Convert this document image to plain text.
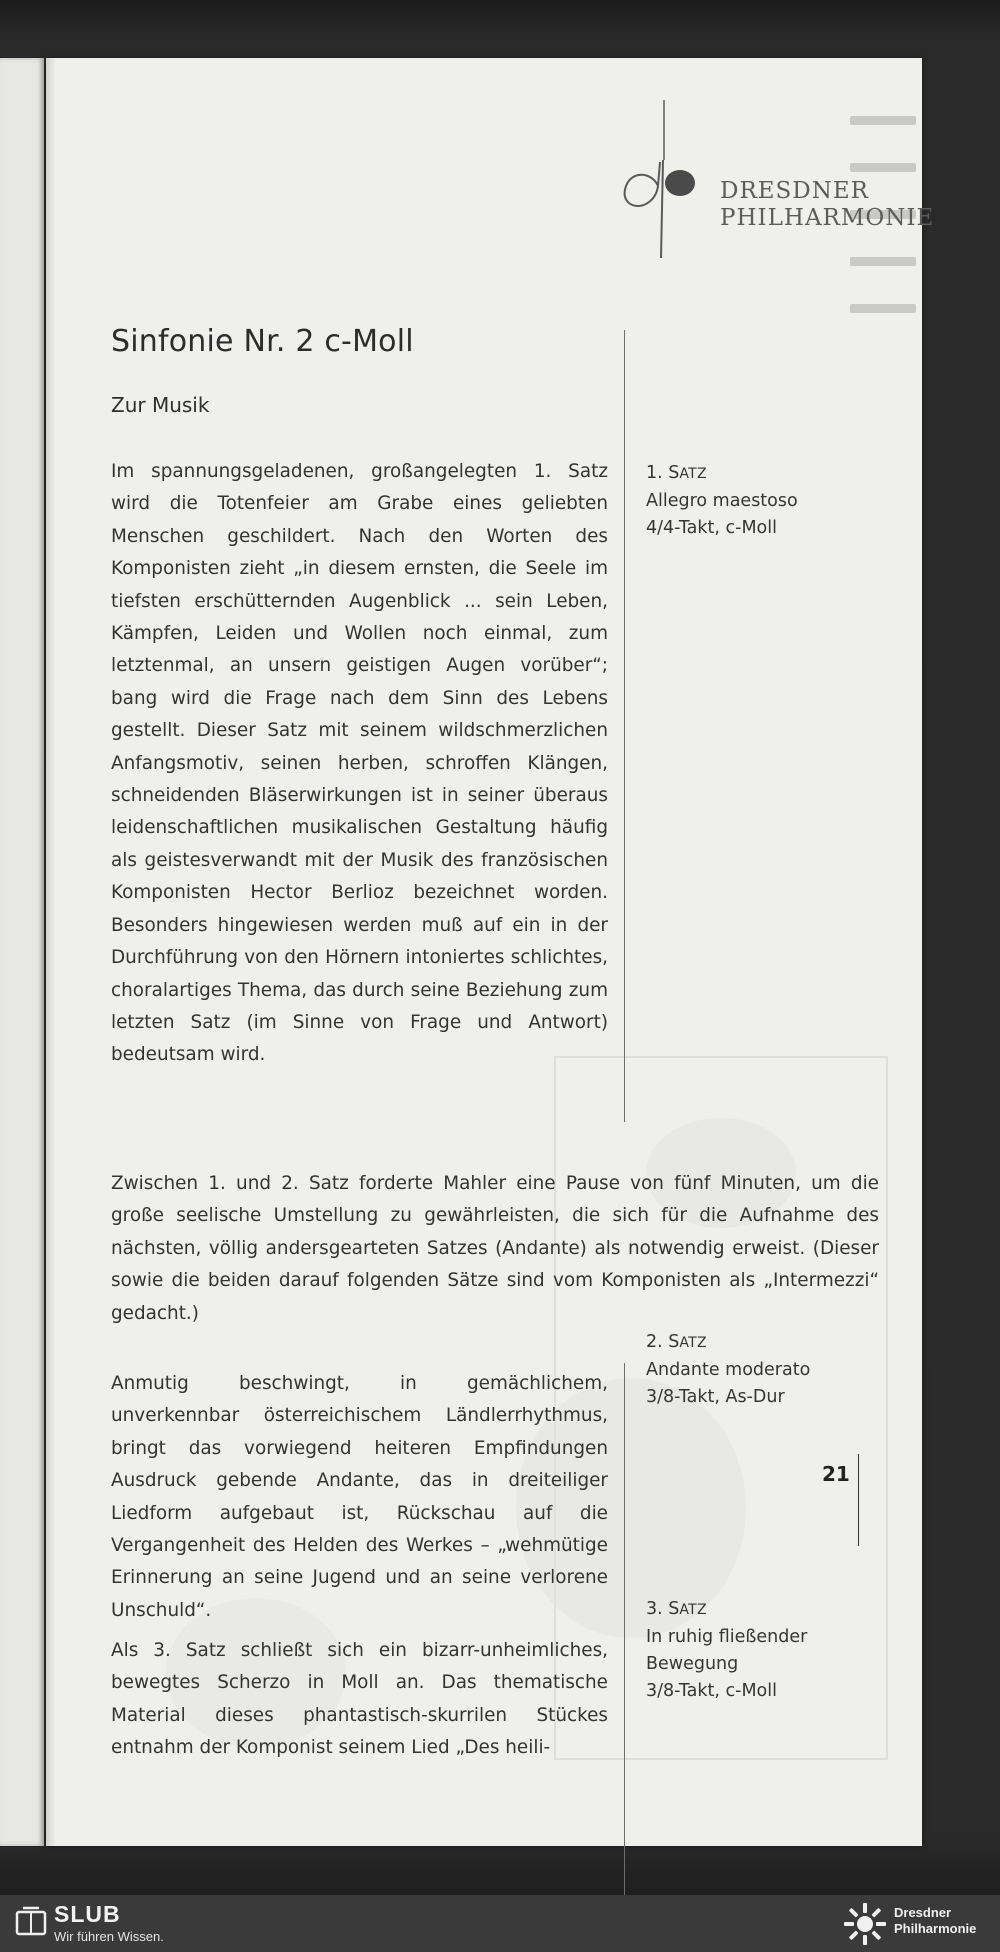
DRESDNER
PHILHARMONIE
Sinfonie Nr. 2 c-Moll
Zur Musik

Im spannungsgeladenen, großangelegten 1. Satz wird die Totenfeier am Grabe eines geliebten Menschen geschildert. Nach den Worten des Komponisten zieht „in diesem ernsten, die Seele im tiefsten erschütternden Augenblick ... sein Leben, Kämpfen, Leiden und Wollen noch einmal, zum letztenmal, an unsern geistigen Augen vorüber“; bang wird die Frage nach dem Sinn des Lebens gestellt. Dieser Satz mit seinem wildschmerzlichen Anfangsmotiv, seinen herben, schroffen Klängen, schneidenden Bläserwirkungen ist in seiner überaus leidenschaftlichen musikalischen Gestaltung häufig als geistesverwandt mit der Musik des französischen Komponisten Hector Berlioz bezeichnet worden. Besonders hingewiesen werden muß auf ein in der Durchführung von den Hörnern intoniertes schlichtes, choralartiges Thema, das durch seine Beziehung zum letzten Satz (im Sinne von Frage und Antwort) bedeutsam wird.

Zwischen 1. und 2. Satz forderte Mahler eine Pause von fünf Minuten, um die große seelische Umstellung zu gewährleisten, die sich für die Aufnahme des nächsten, völlig andersgearteten Satzes (Andante) als notwendig erweist. (Dieser sowie die beiden darauf folgenden Sätze sind vom Komponisten als „Intermezzi“ gedacht.)

Anmutig beschwingt, in gemächlichem, unverkennbar österreichischem Ländlerrhythmus, bringt das vorwiegend heiteren Empfindungen Ausdruck gebende Andante, das in dreiteiliger Liedform aufgebaut ist, Rückschau auf die Vergangenheit des Helden des Werkes – „wehmütige Erinnerung an seine Jugend und an seine verlorene Unschuld“.

Als 3. Satz schließt sich ein bizarr-unheimliches, bewegtes Scherzo in Moll an. Das thematische Material dieses phantastisch-skurrilen Stückes entnahm der Komponist seinem Lied „Des heili-

1. SATZ
Allegro maestoso
4/4-Takt, c-Moll
2. SATZ
Andante moderato
3/8-Takt, As-Dur
3. SATZ
In ruhig fließender
Bewegung
3/8-Takt, c-Moll
21
SLUB
Wir führen Wissen.
Dresdner
Philharmonie
